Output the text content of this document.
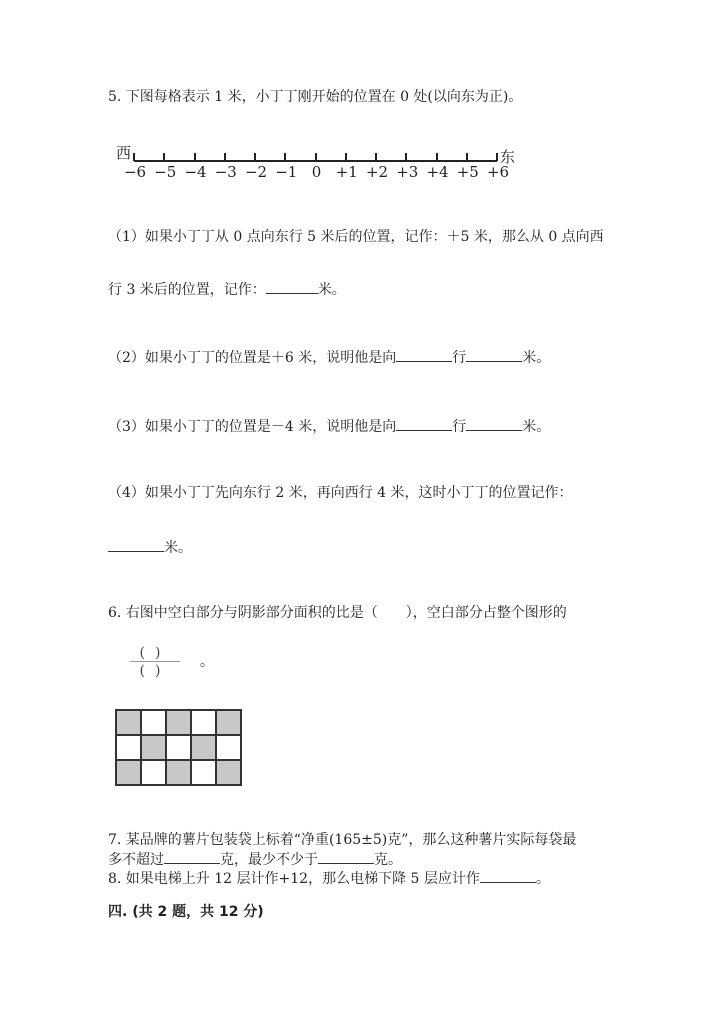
5. 下图每格表示 1 米，小丁丁刚开始的位置在 0 处(以向东为正)。
西	东
−6 −5 −4 −3 −2 −1 0 +1 +2 +3 +4 +5 +6
（1）如果小丁丁从 0 点向东行 5 米后的位置，记作：＋5 米，那么从 0 点向西
行 3 米后的位置，记作：	米。
（2）如果小丁丁的位置是＋6 米，说明他是向	行	米。
（3）如果小丁丁的位置是－4 米，说明他是向	行	米。
（4）如果小丁丁先向东行 2 米，再向西行 4 米，这时小丁丁的位置记作：
米。
6. 右图中空白部分与阴影部分面积的比是（　　），空白部分占整个图形的
()
()
。
7. 某品牌的薯片包装袋上标着“净重(165±5)克”，那么这种薯片实际每袋最
多不超过	克，最少不少于	克。
8. 如果电梯上升 12 层计作+12，那么电梯下降 5 层应计作	。
四. (共 2 题，共 12 分)
